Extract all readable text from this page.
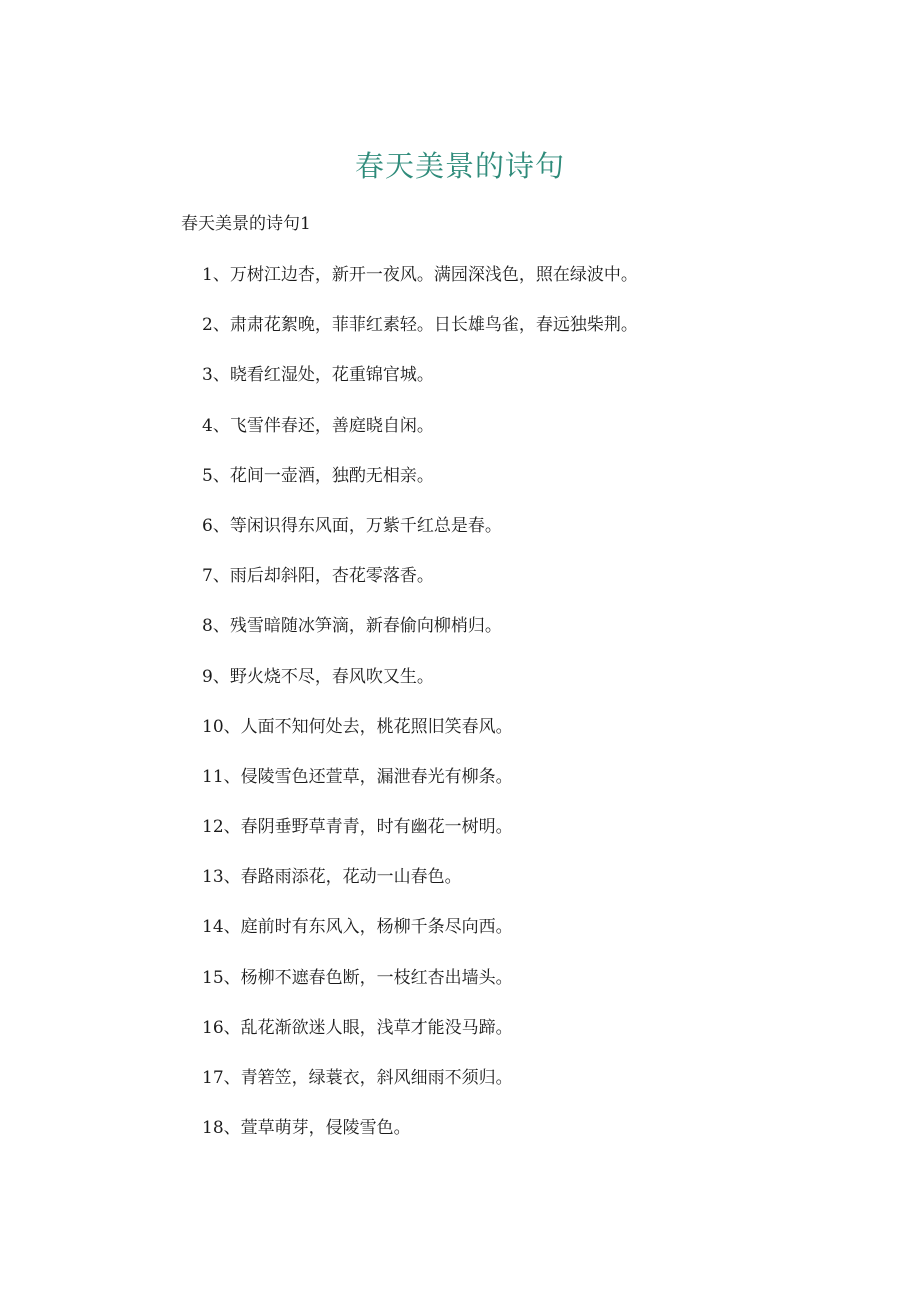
春天美景的诗句
春天美景的诗句1
1、万树江边杏，新开一夜风。满园深浅色，照在绿波中。
2、肃肃花絮晚，菲菲红素轻。日长雄鸟雀，春远独柴荆。
3、晓看红湿处，花重锦官城。
4、飞雪伴春还，善庭晓自闲。
5、花间一壶酒，独酌无相亲。
6、等闲识得东风面，万紫千红总是春。
7、雨后却斜阳，杏花零落香。
8、残雪暗随冰笋滴，新春偷向柳梢归。
9、野火烧不尽，春风吹又生。
10、人面不知何处去，桃花照旧笑春风。
11、侵陵雪色还萱草，漏泄春光有柳条。
12、春阴垂野草青青，时有幽花一树明。
13、春路雨添花，花动一山春色。
14、庭前时有东风入，杨柳千条尽向西。
15、杨柳不遮春色断，一枝红杏出墙头。
16、乱花渐欲迷人眼，浅草才能没马蹄。
17、青箬笠，绿蓑衣，斜风细雨不须归。
18、萱草萌芽，侵陵雪色。
